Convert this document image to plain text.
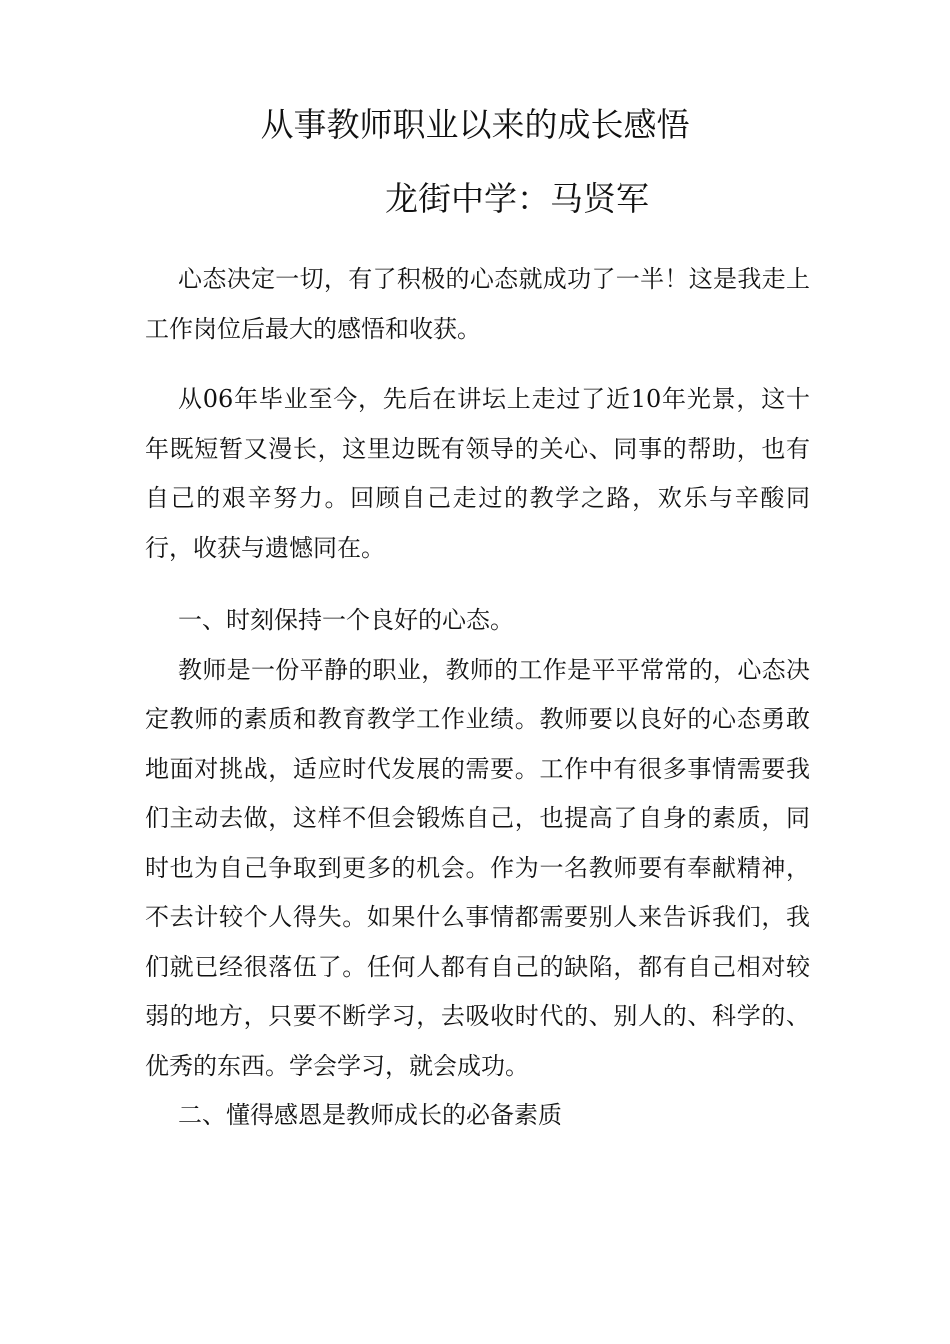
从事教师职业以来的成长感悟
龙街中学：马贤军

心态决定一切，有了积极的心态就成功了一半！这是我走上工作岗位后最大的感悟和收获。

从06年毕业至今，先后在讲坛上走过了近10年光景，这十年既短暂又漫长，这里边既有领导的关心、同事的帮助，也有自己的艰辛努力。回顾自己走过的教学之路，欢乐与辛酸同行，收获与遗憾同在。

一、时刻保持一个良好的心态。

教师是一份平静的职业，教师的工作是平平常常的，心态决定教师的素质和教育教学工作业绩。教师要以良好的心态勇敢地面对挑战，适应时代发展的需要。工作中有很多事情需要我们主动去做，这样不但会锻炼自己，也提高了自身的素质，同时也为自己争取到更多的机会。作为一名教师要有奉献精神，不去计较个人得失。如果什么事情都需要别人来告诉我们，我们就已经很落伍了。任何人都有自己的缺陷，都有自己相对较弱的地方，只要不断学习，去吸收时代的、别人的、科学的、优秀的东西。学会学习，就会成功。

二、懂得感恩是教师成长的必备素质
